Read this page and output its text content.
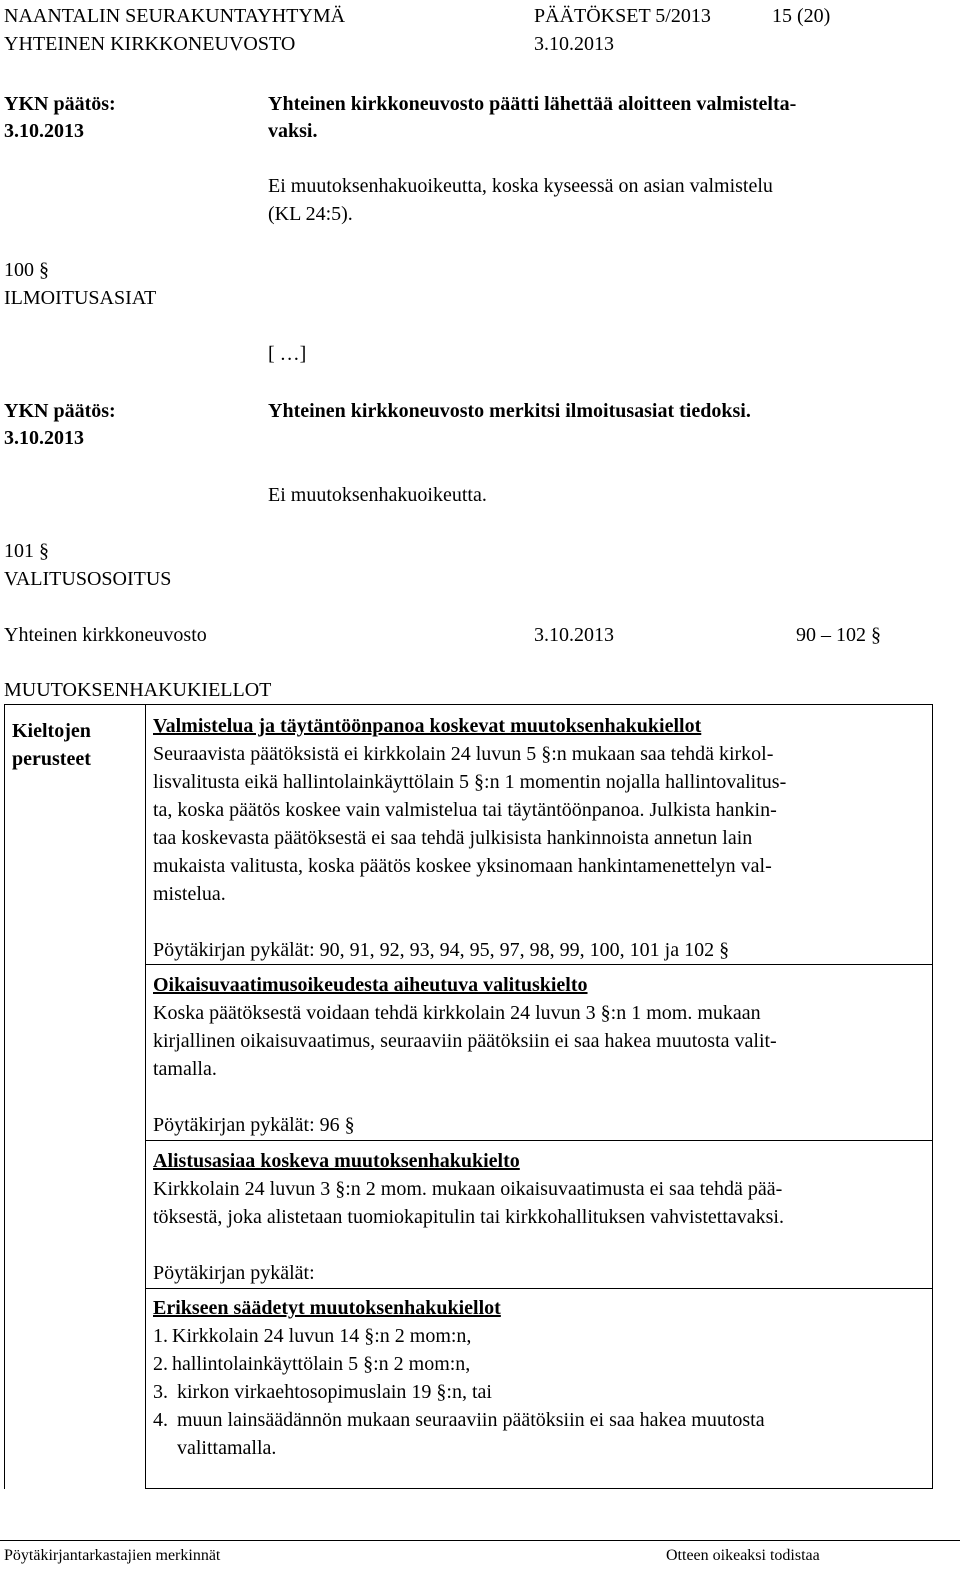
NAANTALIN SEURAKUNTAYHTYMÄ	PÄÄTÖKSET 5/2013	15 (20)
YHTEINEN KIRKKONEUVOSTO	3.10.2013
YKN päätös:
3.10.2013
Yhteinen kirkkoneuvosto päätti lähettää aloitteen valmistelta-
vaksi.
Ei muutoksenhakuoikeutta, koska kyseessä on asian valmistelu
(KL 24:5).
100 §
ILMOITUSASIAT
[ …]
YKN päätös:
3.10.2013
Yhteinen kirkkoneuvosto merkitsi ilmoitusasiat tiedoksi.
Ei muutoksenhakuoikeutta.
101 §
VALITUSOSOITUS
Yhteinen kirkkoneuvosto	3.10.2013	90 – 102 §
MUUTOKSENHAKUKIELLOT
Kieltojen
perusteet
Valmistelua ja täytäntöönpanoa koskevat muutoksenhakukiellot
Seuraavista päätöksistä ei kirkkolain 24 luvun 5 §:n mukaan saa tehdä kirkol-
lisvalitusta eikä hallintolainkäyttölain 5 §:n 1 momentin nojalla hallintovalitus-
ta, koska päätös koskee vain valmistelua tai täytäntöönpanoa. Julkista hankin-
taa koskevasta päätöksestä ei saa tehdä julkisista hankinnoista annetun lain
mukaista valitusta, koska päätös koskee yksinomaan hankintamenettelyn val-
mistelua.
Pöytäkirjan pykälät: 90, 91, 92, 93, 94, 95, 97, 98, 99, 100, 101 ja 102 §
Oikaisuvaatimusoikeudesta aiheutuva valituskielto
Koska päätöksestä voidaan tehdä kirkkolain 24 luvun 3 §:n 1 mom. mukaan
kirjallinen oikaisuvaatimus, seuraaviin päätöksiin ei saa hakea muutosta valit-
tamalla.
Pöytäkirjan pykälät: 96 §
Alistusasiaa koskeva muutoksenhakukielto
Kirkkolain 24 luvun 3 §:n 2 mom. mukaan oikaisuvaatimusta ei saa tehdä pää-
töksestä, joka alistetaan tuomiokapitulin tai kirkkohallituksen vahvistettavaksi.
Pöytäkirjan pykälät:
Erikseen säädetyt muutoksenhakukiellot
1. Kirkkolain 24 luvun 14 §:n 2 mom:n,
2. hallintolainkäyttölain 5 §:n 2 mom:n,
3. kirkon virkaehtosopimuslain 19 §:n, tai
4. muun lainsäädännön mukaan seuraaviin päätöksiin ei saa hakea muutosta
valittamalla.
Pöytäkirjantarkastajien merkinnät	Otteen oikeaksi todistaa
